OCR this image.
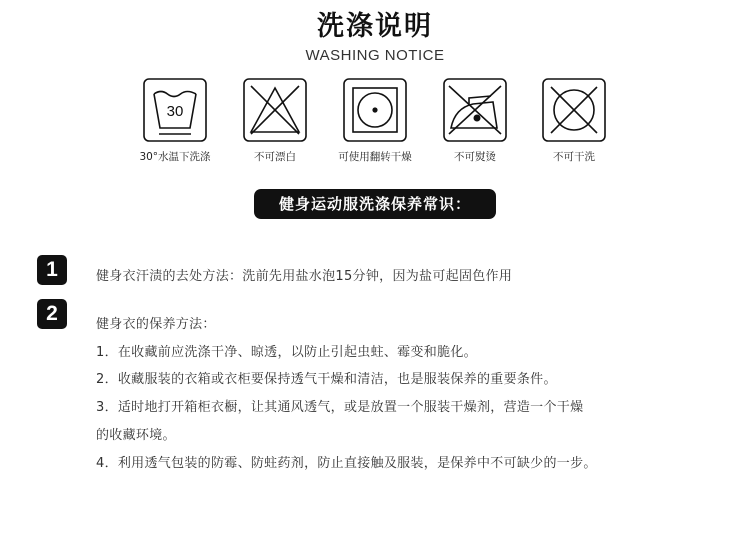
洗涤说明
WASHING NOTICE
30
30°水温下洗涤	不可漂白	可使用翻转干燥	不可熨烫	不可干洗
健身运动服洗涤保养常识：
1	健身衣汗渍的去处方法：洗前先用盐水泡15分钟，因为盐可起固色作用
2	健身衣的保养方法：
1．在收藏前应洗涤干净、晾透，以防止引起虫蛀、霉变和脆化。
2．收藏服装的衣箱或衣柜要保持透气干燥和清洁，也是服装保养的重要条件。
3．适时地打开箱柜衣橱，让其通风透气，或是放置一个服装干燥剂，营造一个干燥
的收藏环境。
4．利用透气包装的防霉、防蛀药剂，防止直接触及服装，是保养中不可缺少的一步。
